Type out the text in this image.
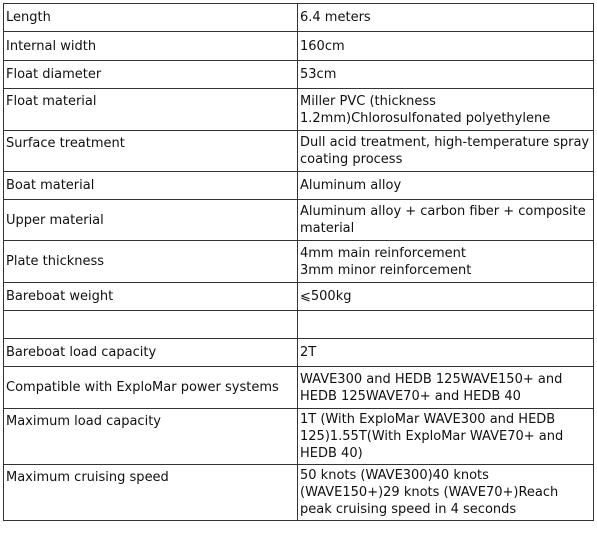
Length	6.4 meters
Internal width	160cm
Float diameter	53cm
Float material	Miller PVC (thickness 1.2mm)Chlorosulfonated polyethylene
Surface treatment	Dull acid treatment, high-temperature spray coating process
Boat material	Aluminum alloy
Upper material	Aluminum alloy + carbon fiber + composite material
Plate thickness	4mm main reinforcement
3mm minor reinforcement

Bareboat weight	⩽500kg

Bareboat load capacity	2T
Compatible with ExploMar power systems	WAVE300 and HEDB 125WAVE150+ and HEDB 125WAVE70+ and HEDB 40
Maximum load capacity	1T (With ExploMar WAVE300 and HEDB 125)1.55T(With ExploMar WAVE70+ and HEDB 40)
Maximum cruising speed	50 knots (WAVE300)40 knots (WAVE150+)29 knots (WAVE70+)Reach peak cruising speed in 4 seconds
